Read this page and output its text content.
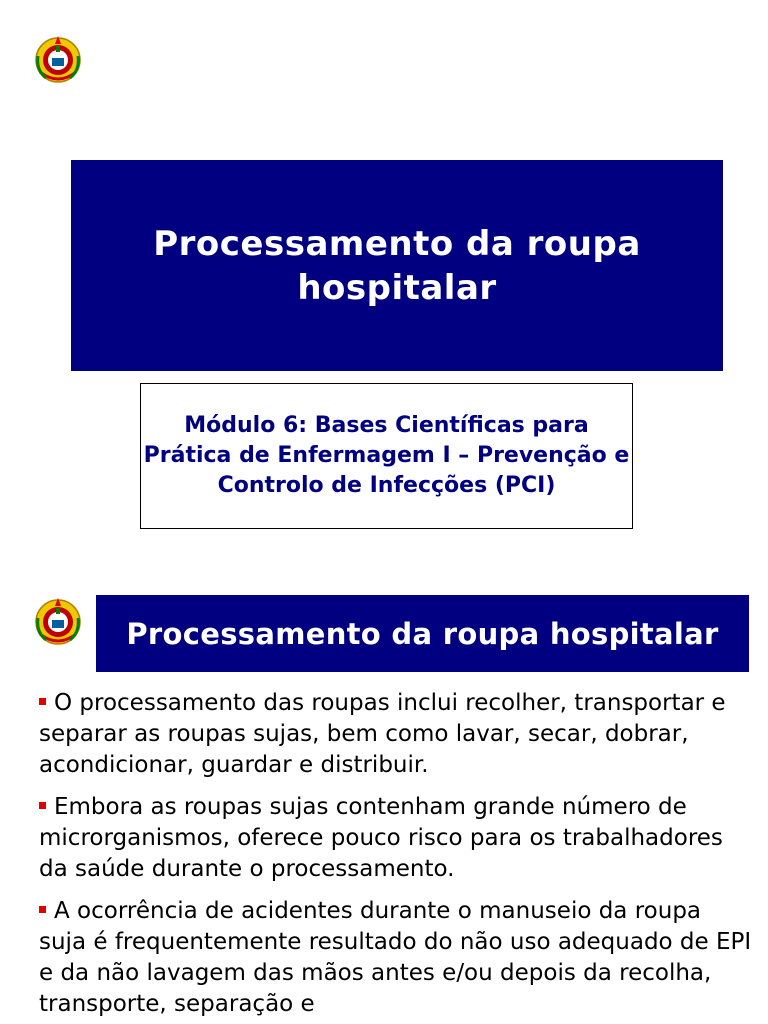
Processamento da roupa hospitalar
Módulo 6: Bases Científicas para Prática de Enfermagem I – Prevenção e Controlo de Infecções (PCI)
Processamento da roupa hospitalar
O processamento das roupas inclui recolher, transportar e separar as roupas sujas, bem como lavar, secar, dobrar, acondicionar, guardar e distribuir.
Embora as roupas sujas contenham grande número de microrganismos, oferece pouco risco para os trabalhadores da saúde durante o processamento.
A ocorrência de acidentes durante o manuseio da roupa suja é frequentemente resultado do não uso adequado de EPI e da não lavagem das mãos antes e/ou depois da recolha, transporte, separação e
